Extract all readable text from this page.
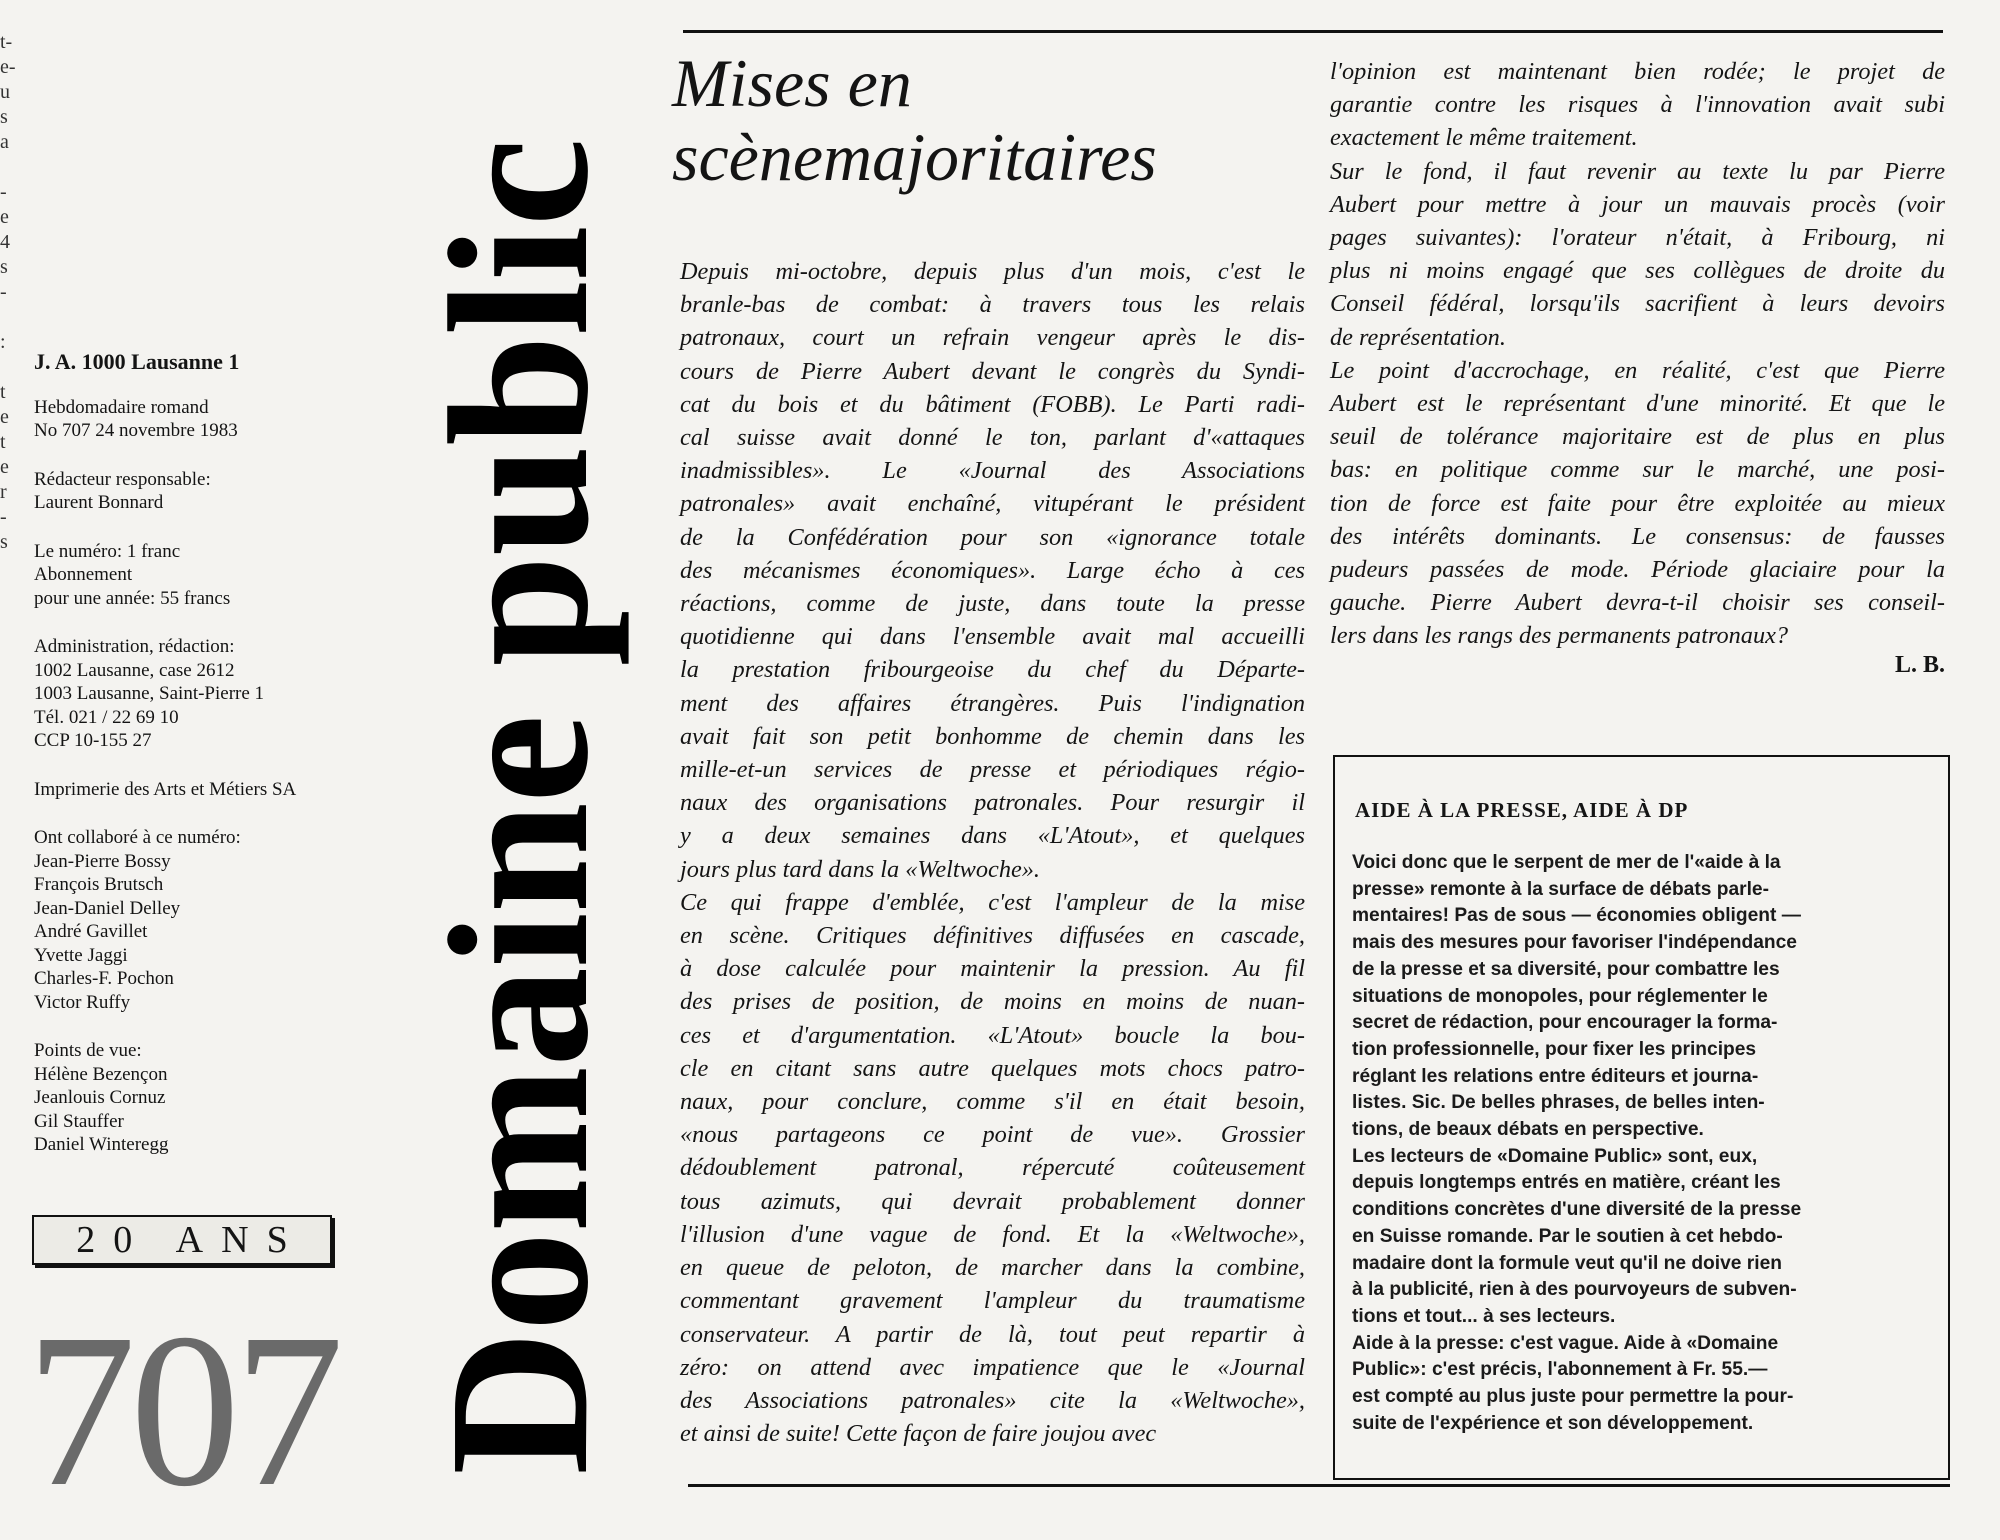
t-
e-
u
s
a
-
e
4
s
-
:
t
e
t
e
r
-
s
J. A. 1000 Lausanne 1
Hebdomadaire romand
No 707 24 novembre 1983
Rédacteur responsable:
Laurent Bonnard
Le numéro: 1 franc
Abonnement
pour une année: 55 francs
Administration, rédaction:
1002 Lausanne, case 2612
1003 Lausanne, Saint-Pierre 1
Tél. 021 / 22 69 10
CCP 10-155 27
Imprimerie des Arts et Métiers SA
Ont collaboré à ce numéro:
Jean-Pierre Bossy
François Brutsch
Jean-Daniel Delley
André Gavillet
Yvette Jaggi
Charles-F. Pochon
Victor Ruffy
Points de vue:
Hélène Bezençon
Jeanlouis Cornuz
Gil Stauffer
Daniel Winteregg
20 ANS
707 Domaine public
Mises en scènemajoritaires
Depuis mi-octobre, depuis plus d'un mois, c'est le
branle-bas de combat: à travers tous les relais
patronaux, court un refrain vengeur après le dis-
cours de Pierre Aubert devant le congrès du Syndi-
cat du bois et du bâtiment (FOBB). Le Parti radi-
cal suisse avait donné le ton, parlant d'«attaques
inadmissibles». Le «Journal des Associations
patronales» avait enchaîné, vitupérant le président
de la Confédération pour son «ignorance totale
des mécanismes économiques». Large écho à ces
réactions, comme de juste, dans toute la presse
quotidienne qui dans l'ensemble avait mal accueilli
la prestation fribourgeoise du chef du Départe-
ment des affaires étrangères. Puis l'indignation
avait fait son petit bonhomme de chemin dans les
mille-et-un services de presse et périodiques régio-
naux des organisations patronales. Pour resurgir il
y a deux semaines dans «L'Atout», et quelques
jours plus tard dans la «Weltwoche».
Ce qui frappe d'emblée, c'est l'ampleur de la mise
en scène. Critiques définitives diffusées en cascade,
à dose calculée pour maintenir la pression. Au fil
des prises de position, de moins en moins de nuan-
ces et d'argumentation. «L'Atout» boucle la bou-
cle en citant sans autre quelques mots chocs patro-
naux, pour conclure, comme s'il en était besoin,
«nous partageons ce point de vue». Grossier
dédoublement patronal, répercuté coûteusement
tous azimuts, qui devrait probablement donner
l'illusion d'une vague de fond. Et la «Weltwoche»,
en queue de peloton, de marcher dans la combine,
commentant gravement l'ampleur du traumatisme
conservateur. A partir de là, tout peut repartir à
zéro: on attend avec impatience que le «Journal
des Associations patronales» cite la «Weltwoche»,
et ainsi de suite! Cette façon de faire joujou avec
l'opinion est maintenant bien rodée; le projet de
garantie contre les risques à l'innovation avait subi
exactement le même traitement.
Sur le fond, il faut revenir au texte lu par Pierre
Aubert pour mettre à jour un mauvais procès (voir
pages suivantes): l'orateur n'était, à Fribourg, ni
plus ni moins engagé que ses collègues de droite du
Conseil fédéral, lorsqu'ils sacrifient à leurs devoirs
de représentation.
Le point d'accrochage, en réalité, c'est que Pierre
Aubert est le représentant d'une minorité. Et que le
seuil de tolérance majoritaire est de plus en plus
bas: en politique comme sur le marché, une posi-
tion de force est faite pour être exploitée au mieux
des intérêts dominants. Le consensus: de fausses
pudeurs passées de mode. Période glaciaire pour la
gauche. Pierre Aubert devra-t-il choisir ses conseil-
lers dans les rangs des permanents patronaux?
L. B.
AIDE À LA PRESSE, AIDE À DP
Voici donc que le serpent de mer de l'«aide à la
presse» remonte à la surface de débats parle-
mentaires! Pas de sous — économies obligent —
mais des mesures pour favoriser l'indépendance
de la presse et sa diversité, pour combattre les
situations de monopoles, pour réglementer le
secret de rédaction, pour encourager la forma-
tion professionnelle, pour fixer les principes
réglant les relations entre éditeurs et journa-
listes. Sic. De belles phrases, de belles inten-
tions, de beaux débats en perspective.
Les lecteurs de «Domaine Public» sont, eux,
depuis longtemps entrés en matière, créant les
conditions concrètes d'une diversité de la presse
en Suisse romande. Par le soutien à cet hebdo-
madaire dont la formule veut qu'il ne doive rien
à la publicité, rien à des pourvoyeurs de subven-
tions et tout... à ses lecteurs.
Aide à la presse: c'est vague. Aide à «Domaine
Public»: c'est précis, l'abonnement à Fr. 55.—
est compté au plus juste pour permettre la pour-
suite de l'expérience et son développement.
